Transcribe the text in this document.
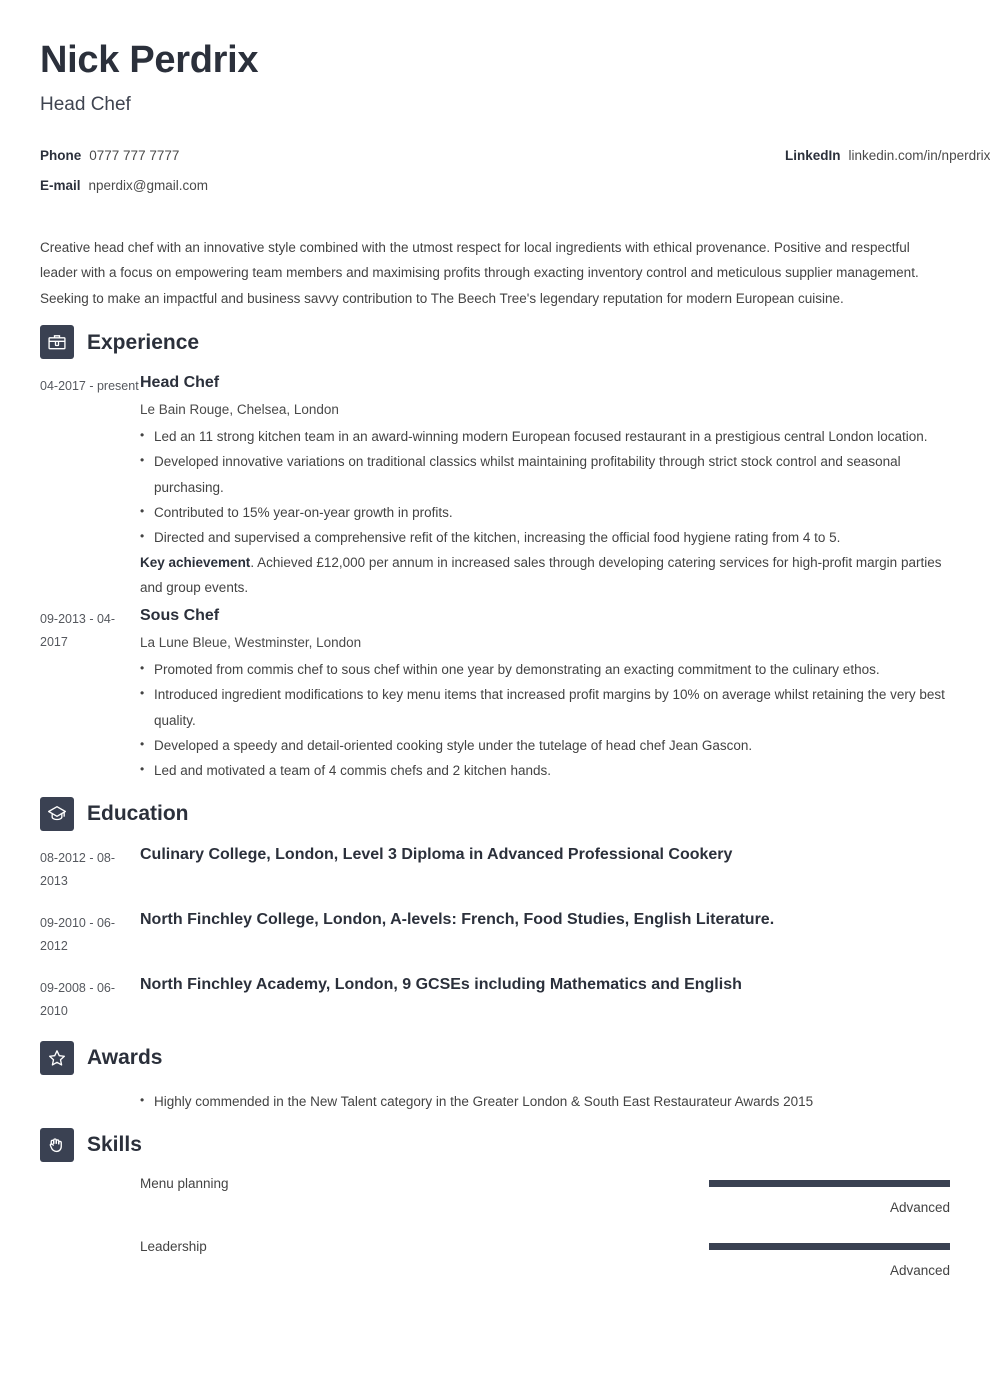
Nick Perdrix
Head Chef
Phone 0777 777 7777	LinkedIn linkedin.com/in/nperdrix
E-mail nperdix@gmail.com

Creative head chef with an innovative style combined with the utmost respect for local ingredients with ethical provenance. Positive and respectful leader with a focus on empowering team members and maximising profits through exacting inventory control and meticulous supplier management. Seeking to make an impactful and business savvy contribution to The Beech Tree's legendary reputation for modern European cuisine.

Experience
04-2017 - present Head Chef
Le Bain Rouge, Chelsea, London
• Led an 11 strong kitchen team in an award-winning modern European focused restaurant in a prestigious central London location.
• Developed innovative variations on traditional classics whilst maintaining profitability through strict stock control and seasonal purchasing.
• Contributed to 15% year-on-year growth in profits.
• Directed and supervised a comprehensive refit of the kitchen, increasing the official food hygiene rating from 4 to 5.

Key achievement. Achieved £12,000 per annum in increased sales through developing catering services for high-profit margin parties and group events.

09-2013 - 04-2017
Sous Chef
La Lune Bleue, Westminster, London
• Promoted from commis chef to sous chef within one year by demonstrating an exacting commitment to the culinary ethos.
• Introduced ingredient modifications to key menu items that increased profit margins by 10% on average whilst retaining the very best quality.
• Developed a speedy and detail-oriented cooking style under the tutelage of head chef Jean Gascon.
• Led and motivated a team of 4 commis chefs and 2 kitchen hands.
Education
08-2012 - 08-2013
Culinary College, London, Level 3 Diploma in Advanced Professional Cookery
09-2010 - 06-2012
North Finchley College, London, A-levels: French, Food Studies, English Literature.
09-2008 - 06-2010
North Finchley Academy, London, 9 GCSEs including Mathematics and English
Awards
• Highly commended in the New Talent category in the Greater London & South East Restaurateur Awards 2015
Skills
Menu planning
Advanced
Leadership
Advanced
